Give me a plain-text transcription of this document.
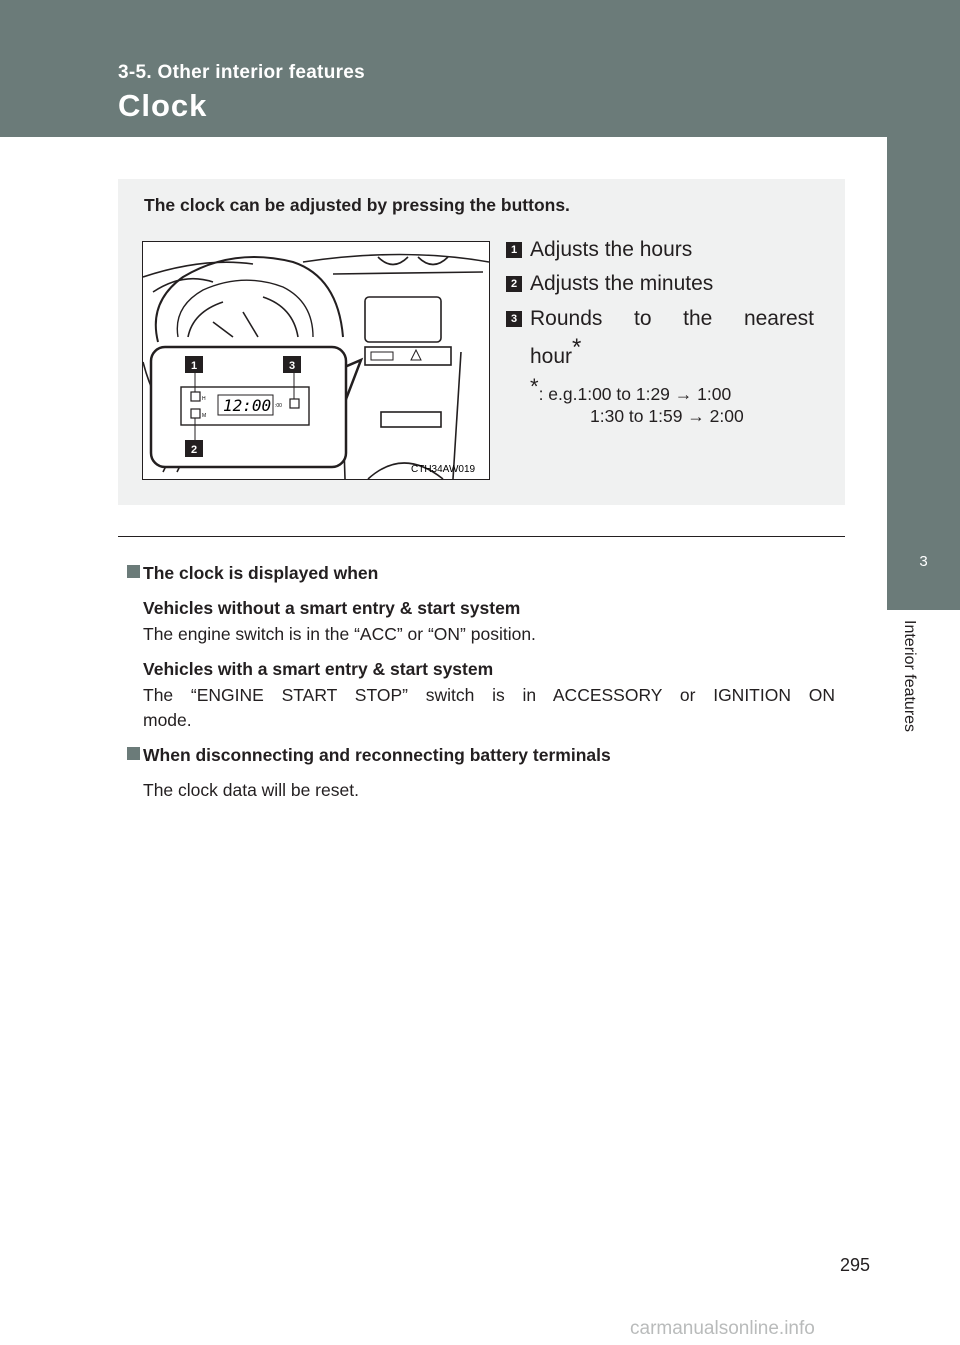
3-5. Other interior features
Clock
3
Interior features
The clock can be adjusted by pressing the buttons.
H
M
12:00 :00
1	3
2
CTH34AW019
1 Adjusts the hours
2 Adjusts the minutes
3 Rounds to the nearest
hour*
*: e.g.1:00 to 1:29 → 1:00
1:30 to 1:59 → 2:00
The clock is displayed when
Vehicles without a smart entry & start system
The engine switch is in the “ACC” or “ON” position.
Vehicles with a smart entry & start system
The “ENGINE START STOP” switch is in ACCESSORY or IGNITION ON
mode.
When disconnecting and reconnecting battery terminals
The clock data will be reset.
295
carmanualsonline.info
